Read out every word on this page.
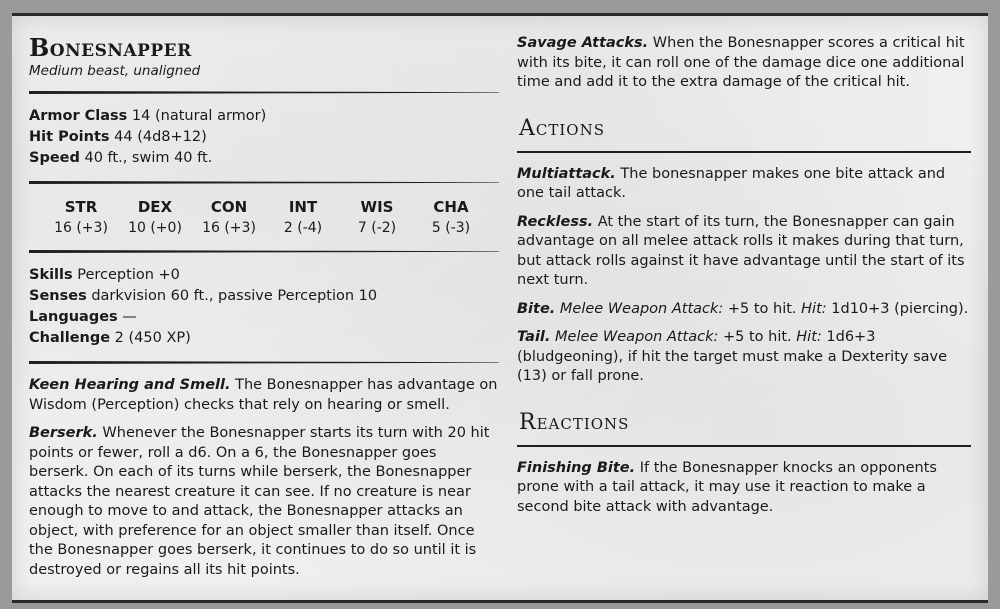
Bonesnapper
Medium beast, unaligned
Armor Class 14 (natural armor)
Hit Points 44 (4d8+12)
Speed 40 ft., swim 40 ft.
STR
16 (+3)
DEX
10 (+0)
CON
16 (+3)
INT
2 (-4)
WIS
7 (-2)
CHA
5 (-3)
Skills Perception +0
Senses darkvision 60 ft., passive Perception 10
Languages —
Challenge 2 (450 XP)

Keen Hearing and Smell. The Bonesnapper has advantage on Wisdom (Perception) checks that rely on hearing or smell.

Berserk. Whenever the Bonesnapper starts its turn with 20 hit points or fewer, roll a d6. On a 6, the Bonesnapper goes berserk. On each of its turns while berserk, the Bonesnapper attacks the nearest creature it can see. If no creature is near enough to move to and attack, the Bonesnapper attacks an object, with preference for an object smaller than itself. Once the Bonesnapper goes berserk, it continues to do so until it is destroyed or regains all its hit points.

Savage Attacks. When the Bonesnapper scores a critical hit with its bite, it can roll one of the damage dice one additional time and add it to the extra damage of the critical hit.

Actions

Multiattack. The bonesnapper makes one bite attack and one tail attack.

Reckless. At the start of its turn, the Bonesnapper can gain advantage on all melee attack rolls it makes during that turn, but attack rolls against it have advantage until the start of its next turn.

Bite. Melee Weapon Attack: +5 to hit. Hit: 1d10+3 (piercing).

Tail. Melee Weapon Attack: +5 to hit. Hit: 1d6+3 (bludgeoning), if hit the target must make a Dexterity save (13) or fall prone.

Reactions

Finishing Bite. If the Bonesnapper knocks an opponents prone with a tail attack, it may use it reaction to make a second bite attack with advantage.
